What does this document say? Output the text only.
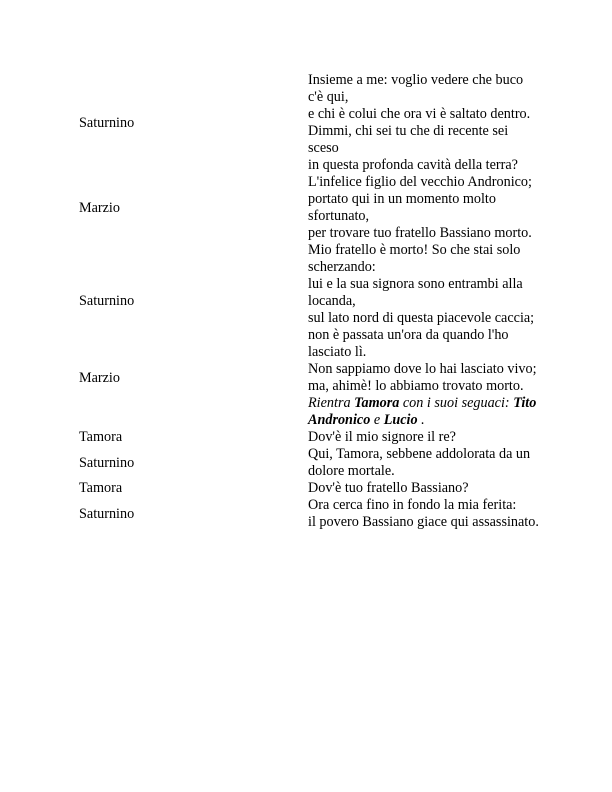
Saturnino
Insieme a me: voglio vedere che buco c'è qui,
e chi è colui che ora vi è saltato dentro.
Dimmi, chi sei tu che di recente sei sceso
in questa profonda cavità della terra?
Marzio
L'infelice figlio del vecchio Andronico;
portato qui in un momento molto sfortunato,
per trovare tuo fratello Bassiano morto.
Saturnino
Mio fratello è morto! So che stai solo scherzando:
lui e la sua signora sono entrambi alla locanda,
sul lato nord di questa piacevole caccia;
non è passata un'ora da quando l'ho lasciato lì.
Marzio
Non sappiamo dove lo hai lasciato vivo;
ma, ahimè! lo abbiamo trovato morto.
Rientra Tamora con i suoi seguaci: Tito Andronico e Lucio .
Tamora	Dov'è il mio signore il re?
Saturnino
Qui, Tamora, sebbene addolorata da un dolore mortale.
Tamora	Dov'è tuo fratello Bassiano?
Saturnino
Ora cerca fino in fondo la mia ferita:
il povero Bassiano giace qui assassinato.
